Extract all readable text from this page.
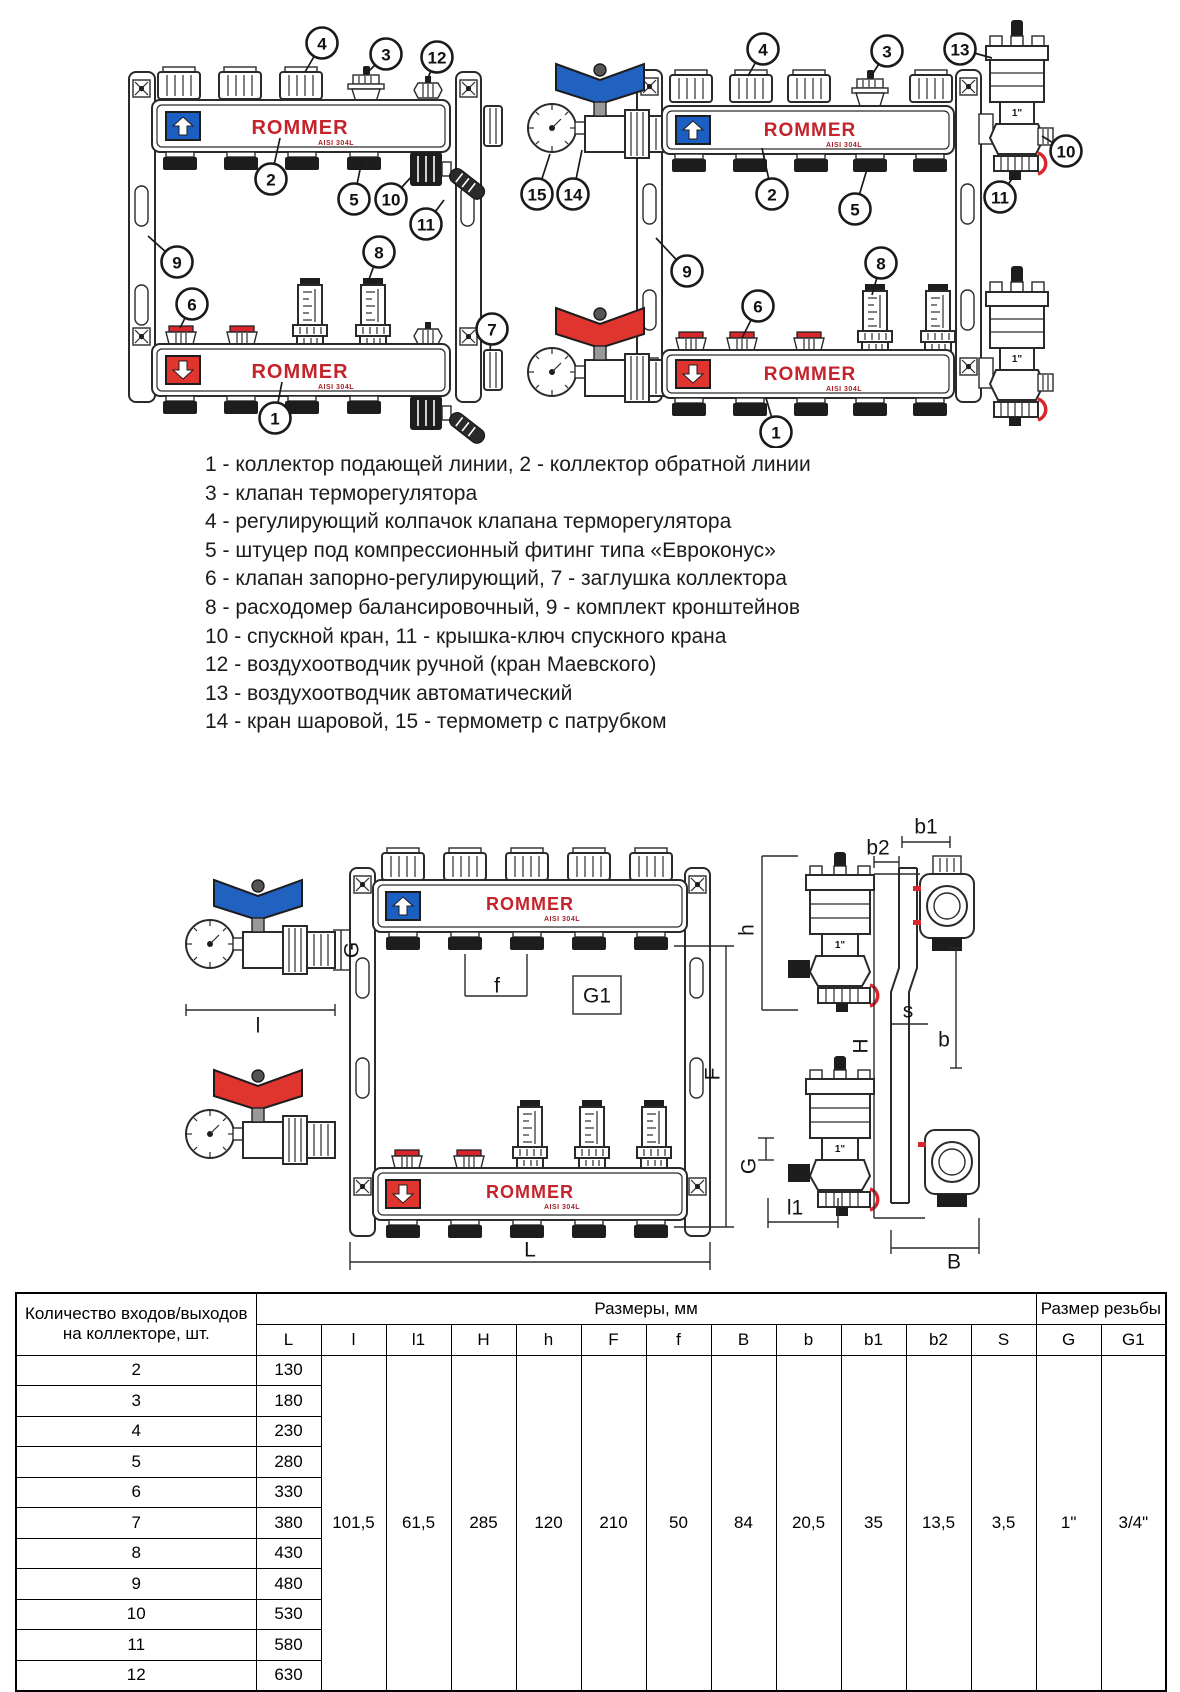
ROMMER
AISI 304L
ROMMER
AISI 304L
4
3 12
2
5 10
11
9
6
8
7
1
ROMMER
AISI 304L
ROMMER
AISI 304L
4	3	13
15 14	2
5
9
6
8
10
11
1
1 - коллектор подающей линии, 2 - коллектор обратной линии
3 - клапан терморегулятора
4 - регулирующий колпачок клапана терморегулятора
5 - штуцер под компрессионный фитинг типа «Евроконус»
6 - клапан запорно-регулирующий, 7 - заглушка коллектора
8 - расходомер балансировочный, 9 - комплект кронштейнов
10 - спускной кран, 11 - крышка-ключ спускного крана
12 - воздухоотводчик ручной (кран Маевского)
13 - воздухоотводчик автоматический
14 - кран шаровой, 15 - термометр с патрубком
ROMMER
AISI 304L
ROMMER
AISI 304L
G
l
f	G1
F
L
h
b2
b1
s
H	b
G
l1
B
Количество входов/выходов на коллекторе, шт.	Размеры, мм												Размер резьбы	
	L	l	l1	H	h	F	f	B	b	b1	b2	S	G	G1
2	130	101,5	61,5	285	120	210	50	84	20,5	35	13,5	3,5	1"	3/4"
3	180													
4	230													
5	280													
6	330													
7	380													
8	430													
9	480													
10	530													
11	580													
12	630													
